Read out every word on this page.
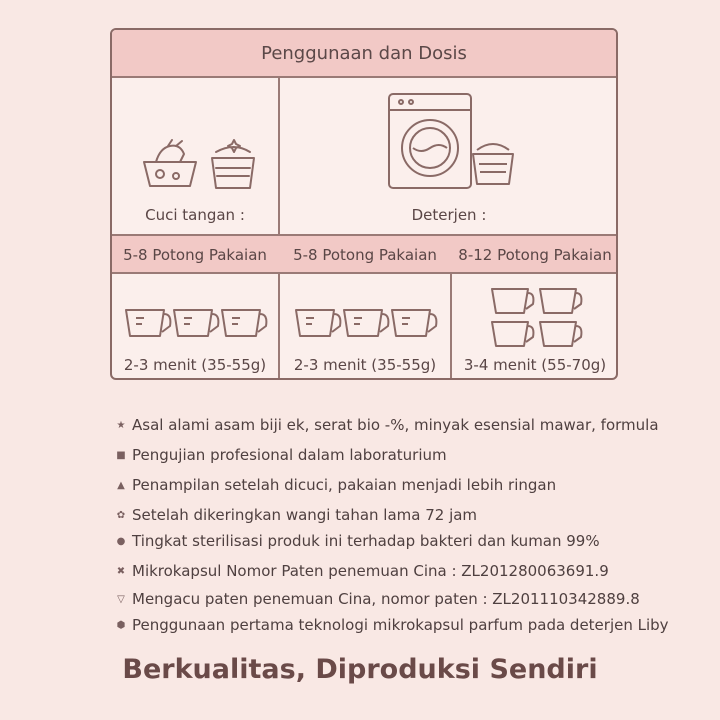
Penggunaan dan Dosis
Cuci tangan :	Deterjen :
5-8 Potong Pakaian	5-8 Potong Pakaian	8-12 Potong Pakaian
2-3 menit (35-55g)	2-3 menit (35-55g)	3-4 menit (55-70g)
★ Asal alami asam biji ek, serat bio -%, minyak esensial mawar, formula
■ Pengujian profesional dalam laboraturium
▲ Penampilan setelah dicuci, pakaian menjadi lebih ringan
✿ Setelah dikeringkan wangi tahan lama 72 jam
● Tingkat sterilisasi produk ini terhadap bakteri dan kuman 99%
✖ Mikrokapsul Nomor Paten penemuan Cina : ZL201280063691.9
▽ Mengacu paten penemuan Cina, nomor paten : ZL201110342889.8
⬢ Penggunaan pertama teknologi mikrokapsul parfum pada deterjen Liby
Berkualitas, Diproduksi Sendiri
